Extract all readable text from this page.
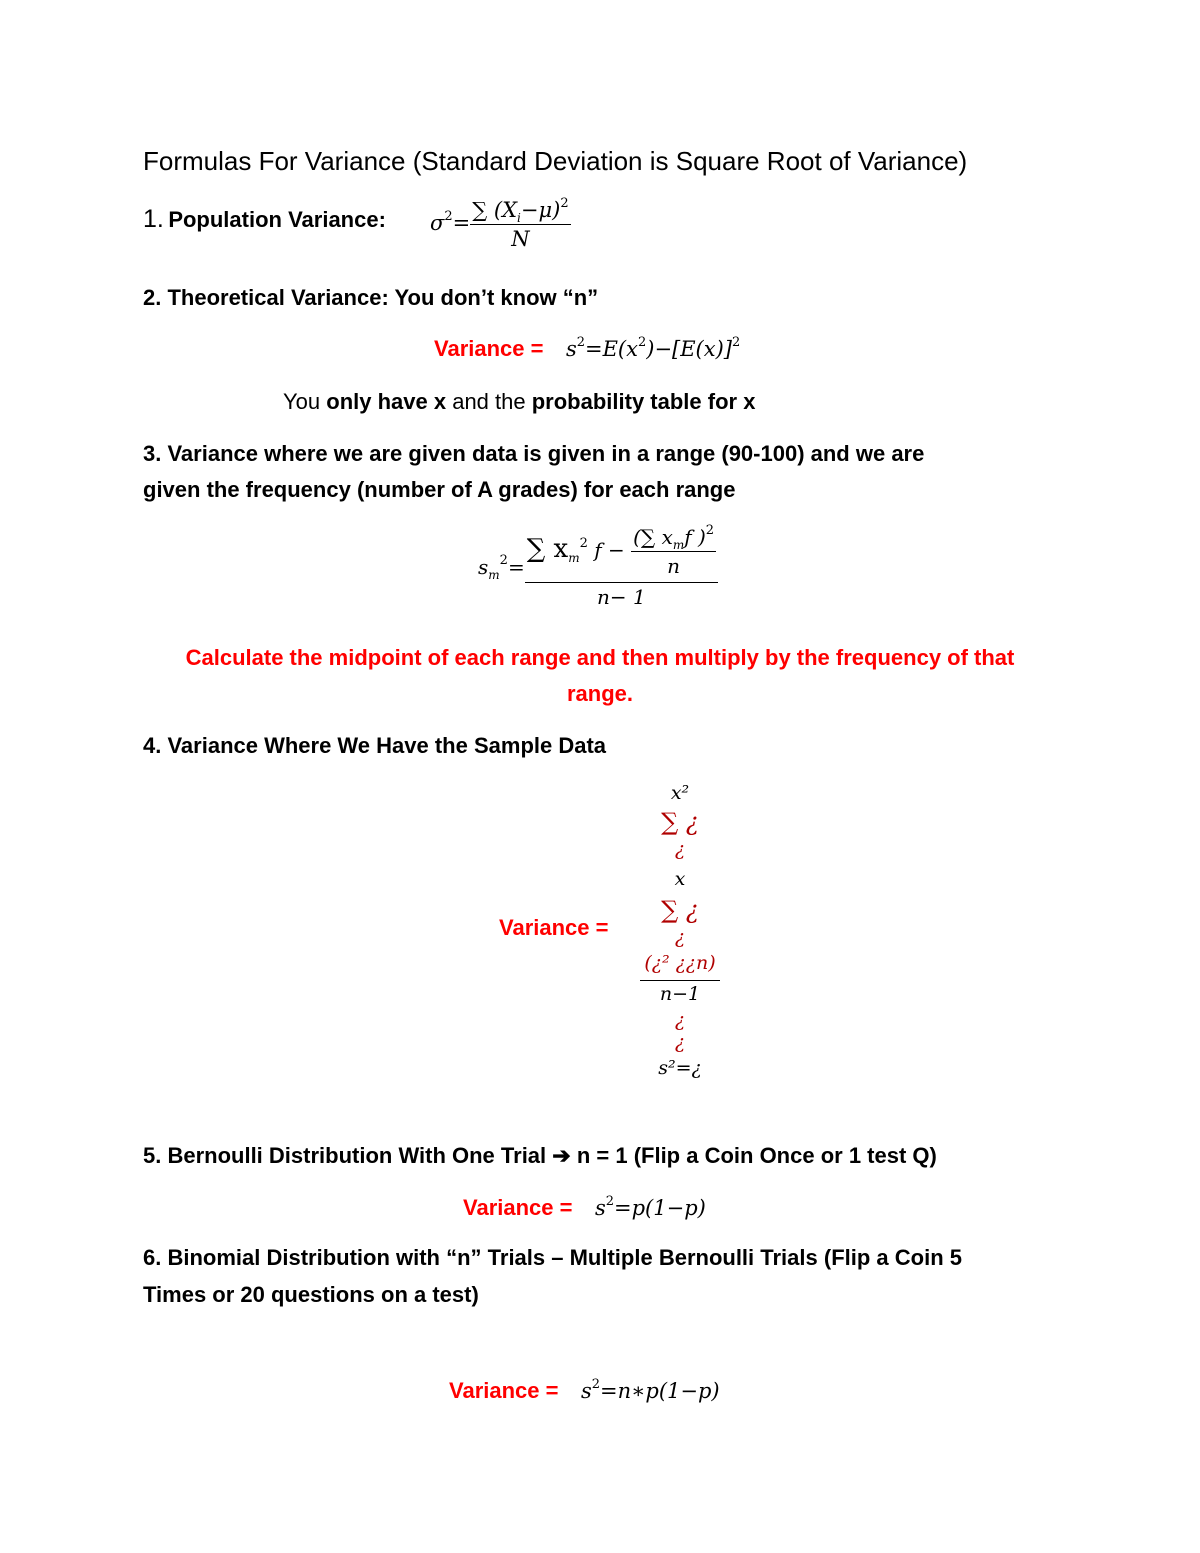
Formulas For Variance (Standard Deviation is Square Root of Variance)
1. Population Variance: $\sigma^2= \frac{\sum (X_i-\mu)^2}{N}$
2. Theoretical Variance: You don’t know “n”
Variance = $s^2=E(x^2)-[E(x)]^2$
You only have x and the probability table for x
3. Variance where we are given data is given in a range (90-100) and we are
given the frequency (number of A grades) for each range
$s_m^2= \frac{\sum x_m^2 f - \frac{(\sum x_mf )^2}{n}}{n- 1}$
Calculate the midpoint of each range and then multiply by the frequency of that
range.
4. Variance Where We Have the Sample Data
Variance =
x²
∑ ¿
¿
x
∑ ¿
¿
(¿² ¿¿n)
n−1
¿
¿
s²=¿
5. Bernoulli Distribution With One Trial ➔ n = 1 (Flip a Coin Once or 1 test Q)
Variance = $s^2=p(1-p)$
6. Binomial Distribution with “n” Trials – Multiple Bernoulli Trials (Flip a Coin 5
Times or 20 questions on a test)
Variance = $s^2=n∗p(1-p)$
